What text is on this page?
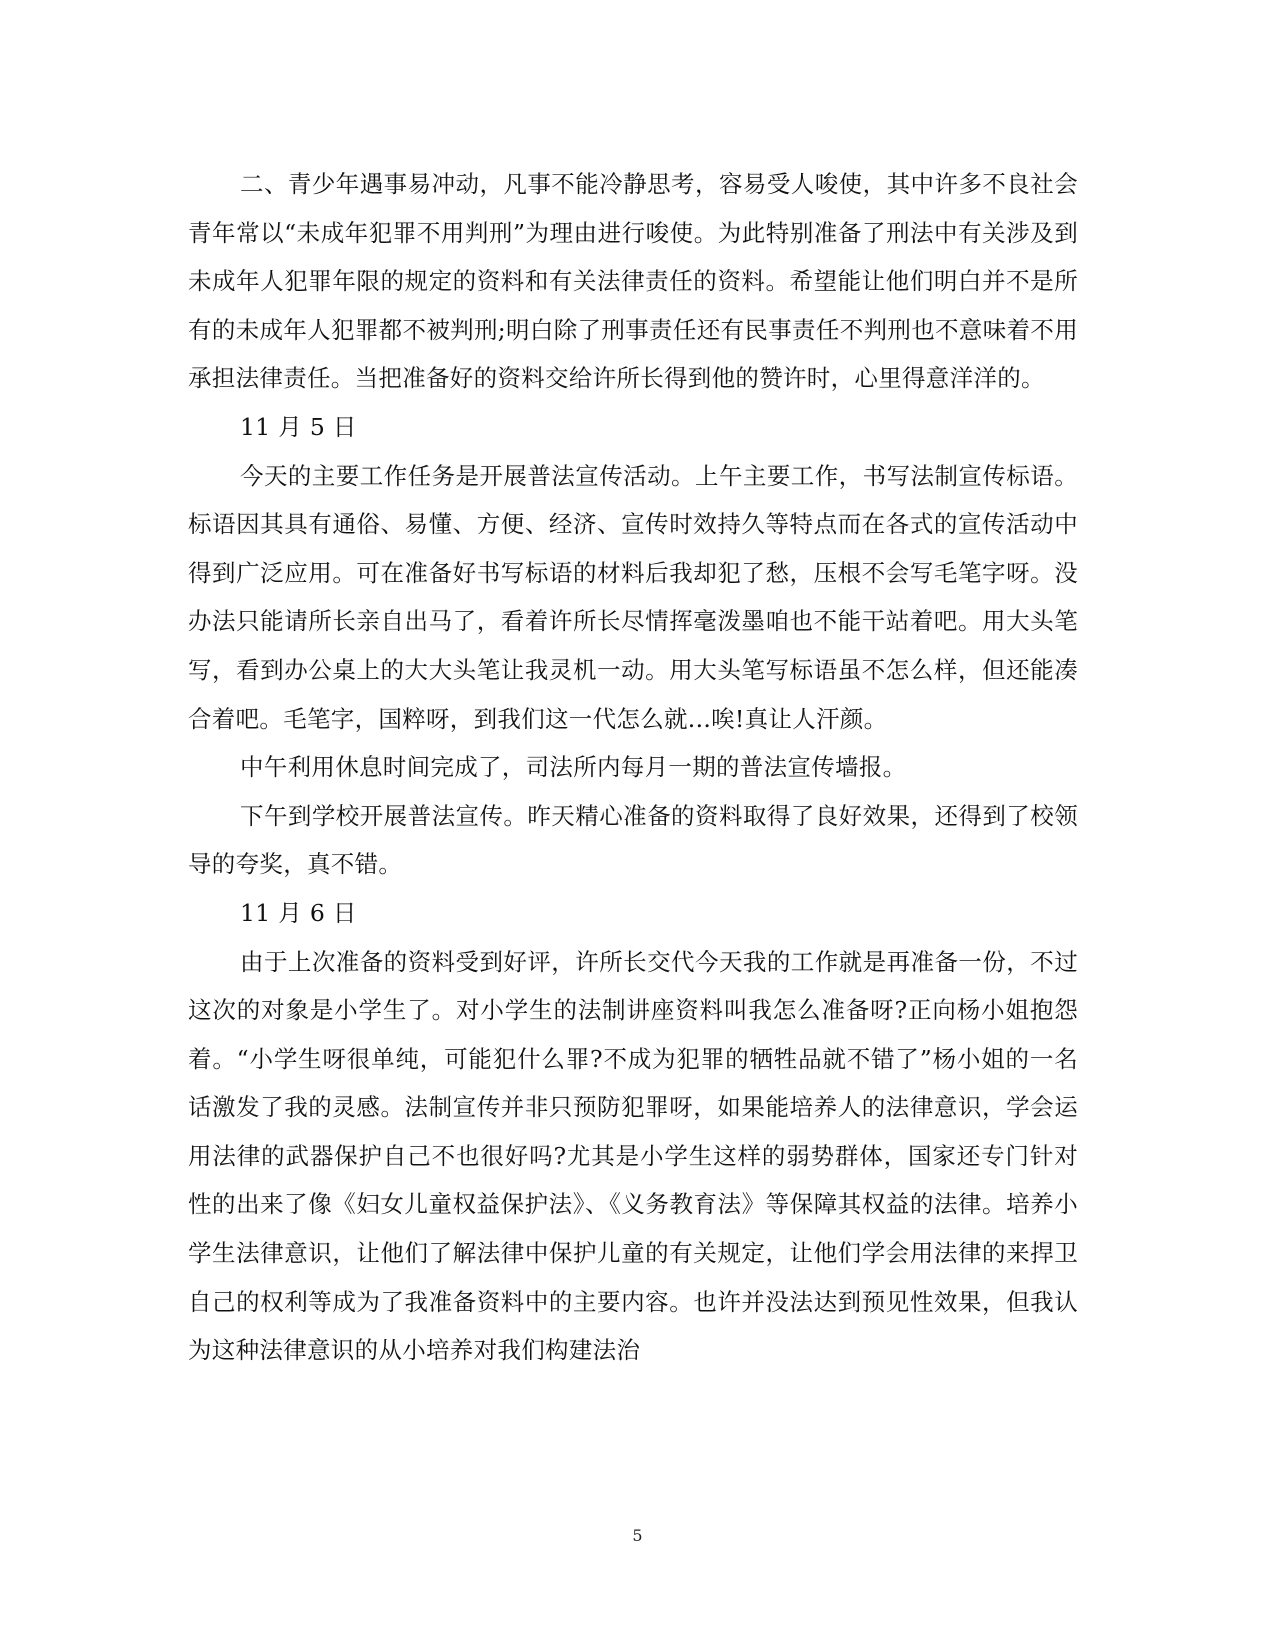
二、青少年遇事易冲动，凡事不能冷静思考，容易受人唆使，其中许多不良社会青年常以“未成年犯罪不用判刑”为理由进行唆使。为此特别准备了刑法中有关涉及到未成年人犯罪年限的规定的资料和有关法律责任的资料。希望能让他们明白并不是所有的未成年人犯罪都不被判刑;明白除了刑事责任还有民事责任不判刑也不意味着不用承担法律责任。当把准备好的资料交给许所长得到他的赞许时，心里得意洋洋的。

11 月 5 日

今天的主要工作任务是开展普法宣传活动。上午主要工作，书写法制宣传标语。标语因其具有通俗、易懂、方便、经济、宣传时效持久等特点而在各式的宣传活动中得到广泛应用。可在准备好书写标语的材料后我却犯了愁，压根不会写毛笔字呀。没办法只能请所长亲自出马了，看着许所长尽情挥毫泼墨咱也不能干站着吧。用大头笔写，看到办公桌上的大大头笔让我灵机一动。用大头笔写标语虽不怎么样，但还能凑合着吧。毛笔字，国粹呀，到我们这一代怎么就...唉!真让人汗颜。

中午利用休息时间完成了，司法所内每月一期的普法宣传墙报。

下午到学校开展普法宣传。昨天精心准备的资料取得了良好效果，还得到了校领导的夸奖，真不错。

11 月 6 日

由于上次准备的资料受到好评，许所长交代今天我的工作就是再准备一份，不过这次的对象是小学生了。对小学生的法制讲座资料叫我怎么准备呀?正向杨小姐抱怨着。“小学生呀很单纯，可能犯什么罪?不成为犯罪的牺牲品就不错了”杨小姐的一名话激发了我的灵感。法制宣传并非只预防犯罪呀，如果能培养人的法律意识，学会运用法律的武器保护自己不也很好吗?尤其是小学生这样的弱势群体，国家还专门针对性的出来了像《妇女儿童权益保护法》、《义务教育法》等保障其权益的法律。培养小学生法律意识，让他们了解法律中保护儿童的有关规定，让他们学会用法律的来捍卫自己的权利等成为了我准备资料中的主要内容。也许并没法达到预见性效果，但我认为这种法律意识的从小培养对我们构建法治

5
